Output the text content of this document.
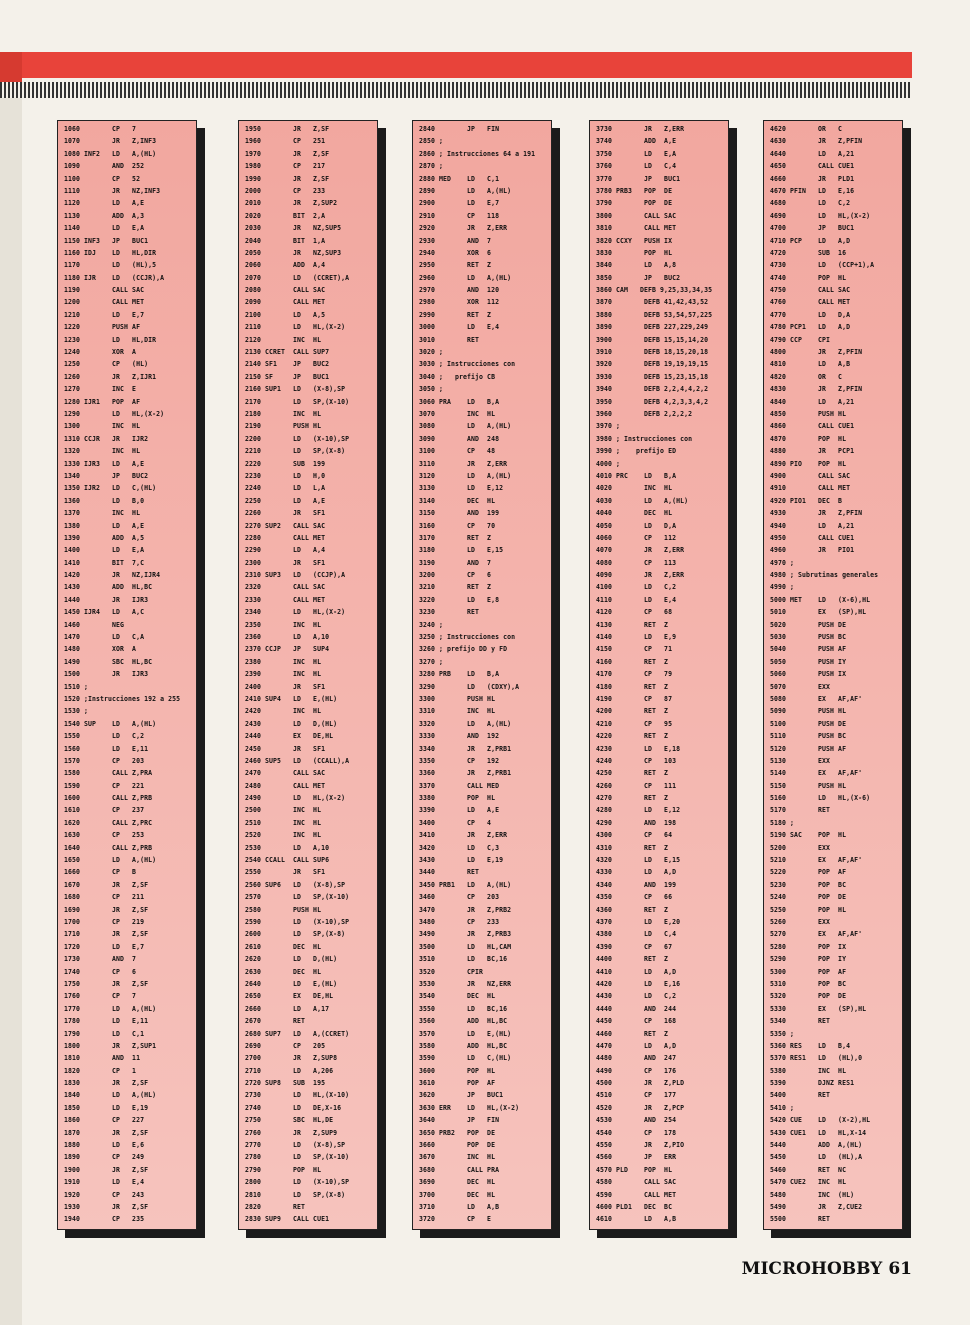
1060        CP   7
1070        JR   Z,INF3
1080 INF2   LD   A,(HL)
1090        AND  252
1100        CP   52
1110        JR   NZ,INF3
1120        LD   A,E
1130        ADD  A,3
1140        LD   E,A
1150 INF3   JP   BUC1
1160 IDJ    LD   HL,DIR
1170        LD   (HL),5
1180 IJR    LD   (CCJR),A
1190        CALL SAC
1200        CALL MET
1210        LD   E,7
1220        PUSH AF
1230        LD   HL,DIR
1240        XOR  A
1250        CP   (HL)
1260        JR   Z,IJR1
1270        INC  E
1280 IJR1   POP  AF
1290        LD   HL,(X-2)
1300        INC  HL
1310 CCJR   JR   IJR2
1320        INC  HL
1330 IJR3   LD   A,E
1340        JP   BUC2
1350 IJR2   LD   C,(HL)
1360        LD   B,0
1370        INC  HL
1380        LD   A,E
1390        ADD  A,5
1400        LD   E,A
1410        BIT  7,C
1420        JR   NZ,IJR4
1430        ADD  HL,BC
1440        JR   IJR3
1450 IJR4   LD   A,C
1460        NEG
1470        LD   C,A
1480        XOR  A
1490        SBC  HL,BC
1500        JR   IJR3
1510 ;
1520 ;Instrucciones 192 a 255
1530 ;
1540 SUP    LD   A,(HL)
1550        LD   C,2
1560        LD   E,11
1570        CP   203
1580        CALL Z,PRA
1590        CP   221
1600        CALL Z,PRB
1610        CP   237
1620        CALL Z,PRC
1630        CP   253
1640        CALL Z,PRB
1650        LD   A,(HL)
1660        CP   B
1670        JR   Z,SF
1680        CP   211
1690        JR   Z,SF
1700        CP   219
1710        JR   Z,SF
1720        LD   E,7
1730        AND  7
1740        CP   6
1750        JR   Z,SF
1760        CP   7
1770        LD   A,(HL)
1780        LD   E,11
1790        LD   C,1
1800        JR   Z,SUP1
1810        AND  11
1820        CP   1
1830        JR   Z,SF
1840        LD   A,(HL)
1850        LD   E,19
1860        CP   227
1870        JR   Z,SF
1880        LD   E,6
1890        CP   249
1900        JR   Z,SF
1910        LD   E,4
1920        CP   243
1930        JR   Z,SF
1940        CP   235
1950        JR   Z,SF
1960        CP   251
1970        JR   Z,SF
1980        CP   217
1990        JR   Z,SF
2000        CP   233
2010        JR   Z,SUP2
2020        BIT  2,A
2030        JR   NZ,SUP5
2040        BIT  1,A
2050        JR   NZ,SUP3
2060        ADD  A,4
2070        LD   (CCRET),A
2080        CALL SAC
2090        CALL MET
2100        LD   A,5
2110        LD   HL,(X-2)
2120        INC  HL
2130 CCRET  CALL SUP7
2140 SF1    JP   BUC2
2150 SF     JP   BUC1
2160 SUP1   LD   (X-8),SP
2170        LD   SP,(X-10)
2180        INC  HL
2190        PUSH HL
2200        LD   (X-10),SP
2210        LD   SP,(X-8)
2220        SUB  199
2230        LD   H,0
2240        LD   L,A
2250        LD   A,E
2260        JR   SF1
2270 SUP2   CALL SAC
2280        CALL MET
2290        LD   A,4
2300        JR   SF1
2310 SUP3   LD   (CCJP),A
2320        CALL SAC
2330        CALL MET
2340        LD   HL,(X-2)
2350        INC  HL
2360        LD   A,10
2370 CCJP   JP   SUP4
2380        INC  HL
2390        INC  HL
2400        JR   SF1
2410 SUP4   LD   E,(HL)
2420        INC  HL
2430        LD   D,(HL)
2440        EX   DE,HL
2450        JR   SF1
2460 SUP5   LD   (CCALL),A
2470        CALL SAC
2480        CALL MET
2490        LD   HL,(X-2)
2500        INC  HL
2510        INC  HL
2520        INC  HL
2530        LD   A,10
2540 CCALL  CALL SUP6
2550        JR   SF1
2560 SUP6   LD   (X-8),SP
2570        LD   SP,(X-10)
2580        PUSH HL
2590        LD   (X-10),SP
2600        LD   SP,(X-8)
2610        DEC  HL
2620        LD   D,(HL)
2630        DEC  HL
2640        LD   E,(HL)
2650        EX   DE,HL
2660        LD   A,17
2670        RET
2680 SUP7   LD   A,(CCRET)
2690        CP   205
2700        JR   Z,SUP8
2710        LD   A,206
2720 SUP8   SUB  195
2730        LD   HL,(X-10)
2740        LD   DE,X-16
2750        SBC  HL,DE
2760        JR   Z,SUP9
2770        LD   (X-8),SP
2780        LD   SP,(X-10)
2790        POP  HL
2800        LD   (X-10),SP
2810        LD   SP,(X-8)
2820        RET
2830 SUP9   CALL CUE1
2840        JP   FIN
2850 ;
2860 ; Instrucciones 64 a 191
2870 ;
2880 MED    LD   C,1
2890        LD   A,(HL)
2900        LD   E,7
2910        CP   118
2920        JR   Z,ERR
2930        AND  7
2940        XOR  6
2950        RET  Z
2960        LD   A,(HL)
2970        AND  120
2980        XOR  112
2990        RET  Z
3000        LD   E,4
3010        RET
3020 ;
3030 ; Instrucciones con
3040 ;   prefijo CB
3050 ;
3060 PRA    LD   B,A
3070        INC  HL
3080        LD   A,(HL)
3090        AND  248
3100        CP   48
3110        JR   Z,ERR
3120        LD   A,(HL)
3130        LD   E,12
3140        DEC  HL
3150        AND  199
3160        CP   70
3170        RET  Z
3180        LD   E,15
3190        AND  7
3200        CP   6
3210        RET  Z
3220        LD   E,8
3230        RET
3240 ;
3250 ; Instrucciones con
3260 ; prefijo DD y FD
3270 ;
3280 PRB    LD   B,A
3290        LD   (CDXY),A
3300        PUSH HL
3310        INC  HL
3320        LD   A,(HL)
3330        AND  192
3340        JR   Z,PRB1
3350        CP   192
3360        JR   Z,PRB1
3370        CALL MED
3380        POP  HL
3390        LD   A,E
3400        CP   4
3410        JR   Z,ERR
3420        LD   C,3
3430        LD   E,19
3440        RET
3450 PRB1   LD   A,(HL)
3460        CP   203
3470        JR   Z,PRB2
3480        CP   233
3490        JR   Z,PRB3
3500        LD   HL,CAM
3510        LD   BC,16
3520        CPIR
3530        JR   NZ,ERR
3540        DEC  HL
3550        LD   BC,16
3560        ADD  HL,BC
3570        LD   E,(HL)
3580        ADD  HL,BC
3590        LD   C,(HL)
3600        POP  HL
3610        POP  AF
3620        JP   BUC1
3630 ERR    LD   HL,(X-2)
3640        JP   FIN
3650 PRB2   POP  DE
3660        POP  DE
3670        INC  HL
3680        CALL PRA
3690        DEC  HL
3700        DEC  HL
3710        LD   A,B
3720        CP   E
3730        JR   Z,ERR
3740        ADD  A,E
3750        LD   E,A
3760        LD   C,4
3770        JP   BUC1
3780 PRB3   POP  DE
3790        POP  DE
3800        CALL SAC
3810        CALL MET
3820 CCXY   PUSH IX
3830        POP  HL
3840        LD   A,8
3850        JP   BUC2
3860 CAM   DEFB 9,25,33,34,35
3870        DEFB 41,42,43,52
3880        DEFB 53,54,57,225
3890        DEFB 227,229,249
3900        DEFB 15,15,14,20
3910        DEFB 18,15,20,18
3920        DEFB 19,19,19,15
3930        DEFB 15,23,15,18
3940        DEFB 2,2,4,4,2,2
3950        DEFB 4,2,3,3,4,2
3960        DEFB 2,2,2,2
3970 ;
3980 ; Instrucciones con
3990 ;    prefijo ED
4000 ;
4010 PRC    LD   B,A
4020        INC  HL
4030        LD   A,(HL)
4040        DEC  HL
4050        LD   D,A
4060        CP   112
4070        JR   Z,ERR
4080        CP   113
4090        JR   Z,ERR
4100        LD   C,2
4110        LD   E,4
4120        CP   68
4130        RET  Z
4140        LD   E,9
4150        CP   71
4160        RET  Z
4170        CP   79
4180        RET  Z
4190        CP   87
4200        RET  Z
4210        CP   95
4220        RET  Z
4230        LD   E,18
4240        CP   103
4250        RET  Z
4260        CP   111
4270        RET  Z
4280        LD   E,12
4290        AND  198
4300        CP   64
4310        RET  Z
4320        LD   E,15
4330        LD   A,D
4340        AND  199
4350        CP   66
4360        RET  Z
4370        LD   E,20
4380        LD   C,4
4390        CP   67
4400        RET  Z
4410        LD   A,D
4420        LD   E,16
4430        LD   C,2
4440        AND  244
4450        CP   168
4460        RET  Z
4470        LD   A,D
4480        AND  247
4490        CP   176
4500        JR   Z,PLD
4510        CP   177
4520        JR   Z,PCP
4530        AND  254
4540        CP   178
4550        JR   Z,PIO
4560        JP   ERR
4570 PLD    POP  HL
4580        CALL SAC
4590        CALL MET
4600 PLD1   DEC  BC
4610        LD   A,B
4620        OR   C
4630        JR   Z,PFIN
4640        LD   A,21
4650        CALL CUE1
4660        JR   PLD1
4670 PFIN   LD   E,16
4680        LD   C,2
4690        LD   HL,(X-2)
4700        JP   BUC1
4710 PCP    LD   A,D
4720        SUB  16
4730        LD   (CCP+1),A
4740        POP  HL
4750        CALL SAC
4760        CALL MET
4770        LD   D,A
4780 PCP1   LD   A,D
4790 CCP    CPI
4800        JR   Z,PFIN
4810        LD   A,B
4820        OR   C
4830        JR   Z,PFIN
4840        LD   A,21
4850        PUSH HL
4860        CALL CUE1
4870        POP  HL
4880        JR   PCP1
4890 PIO    POP  HL
4900        CALL SAC
4910        CALL MET
4920 PIO1   DEC  B
4930        JR   Z,PFIN
4940        LD   A,21
4950        CALL CUE1
4960        JR   PIO1
4970 ;
4980 ; Subrutinas generales
4990 ;
5000 MET    LD   (X-6),HL
5010        EX   (SP),HL
5020        PUSH DE
5030        PUSH BC
5040        PUSH AF
5050        PUSH IY
5060        PUSH IX
5070        EXX
5080        EX   AF,AF'
5090        PUSH HL
5100        PUSH DE
5110        PUSH BC
5120        PUSH AF
5130        EXX
5140        EX   AF,AF'
5150        PUSH HL
5160        LD   HL,(X-6)
5170        RET
5180 ;
5190 SAC    POP  HL
5200        EXX
5210        EX   AF,AF'
5220        POP  AF
5230        POP  BC
5240        POP  DE
5250        POP  HL
5260        EXX
5270        EX   AF,AF'
5280        POP  IX
5290        POP  IY
5300        POP  AF
5310        POP  BC
5320        POP  DE
5330        EX   (SP),HL
5340        RET
5350 ;
5360 RES    LD   B,4
5370 RES1   LD   (HL),0
5380        INC  HL
5390        DJNZ RES1
5400        RET
5410 ;
5420 CUE    LD   (X-2),HL
5430 CUE1   LD   HL,X-14
5440        ADD  A,(HL)
5450        LD   (HL),A
5460        RET  NC
5470 CUE2   INC  HL
5480        INC  (HL)
5490        JR   Z,CUE2
5500        RET
MICROHOBBY 61
